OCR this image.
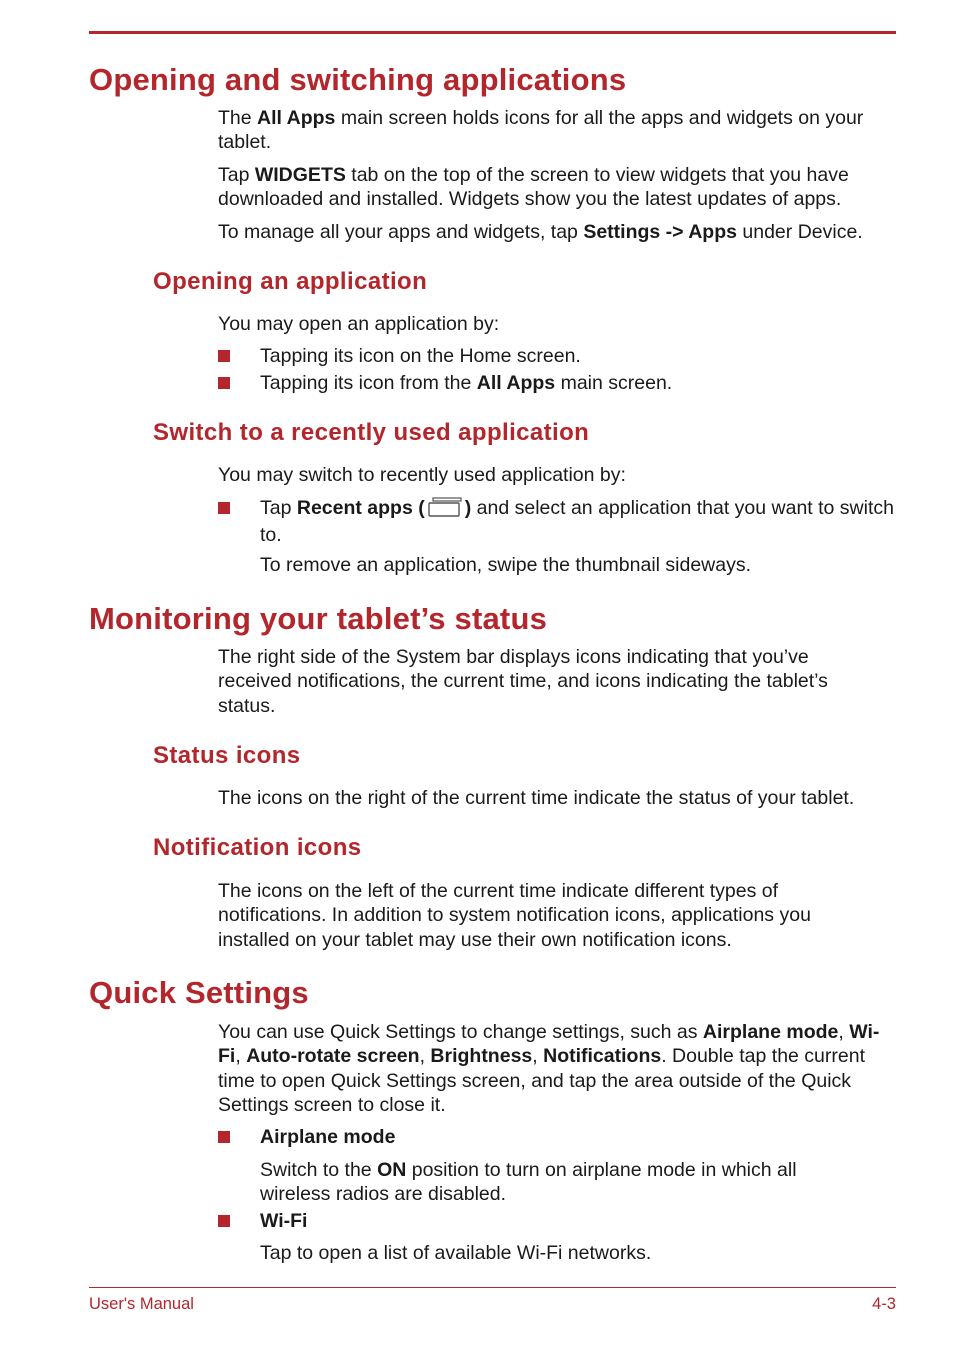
Opening and switching applications

The All Apps main screen holds icons for all the apps and widgets on your tablet.

Tap WIDGETS tab on the top of the screen to view widgets that you have downloaded and installed. Widgets show you the latest updates of apps.

To manage all your apps and widgets, tap Settings -> Apps under Device.

Opening an application

You may open an application by:

Tapping its icon on the Home screen.

Tapping its icon from the All Apps main screen.

Switch to a recently used application

You may switch to recently used application by:

Tap Recent apps ( ) and select an application that you want to switch to.

To remove an application, swipe the thumbnail sideways.

Monitoring your tablet’s status

The right side of the System bar displays icons indicating that you’ve received notifications, the current time, and icons indicating the tablet’s status.

Status icons

The icons on the right of the current time indicate the status of your tablet.

Notification icons

The icons on the left of the current time indicate different types of notifications. In addition to system notification icons, applications you installed on your tablet may use their own notification icons.

Quick Settings

You can use Quick Settings to change settings, such as Airplane mode, Wi-Fi, Auto-rotate screen, Brightness, Notifications. Double tap the current time to open Quick Settings screen, and tap the area outside of the Quick Settings screen to close it.

Airplane mode

Switch to the ON position to turn on airplane mode in which all wireless radios are disabled.

Wi-Fi

Tap to open a list of available Wi-Fi networks.

User's Manual	4-3
